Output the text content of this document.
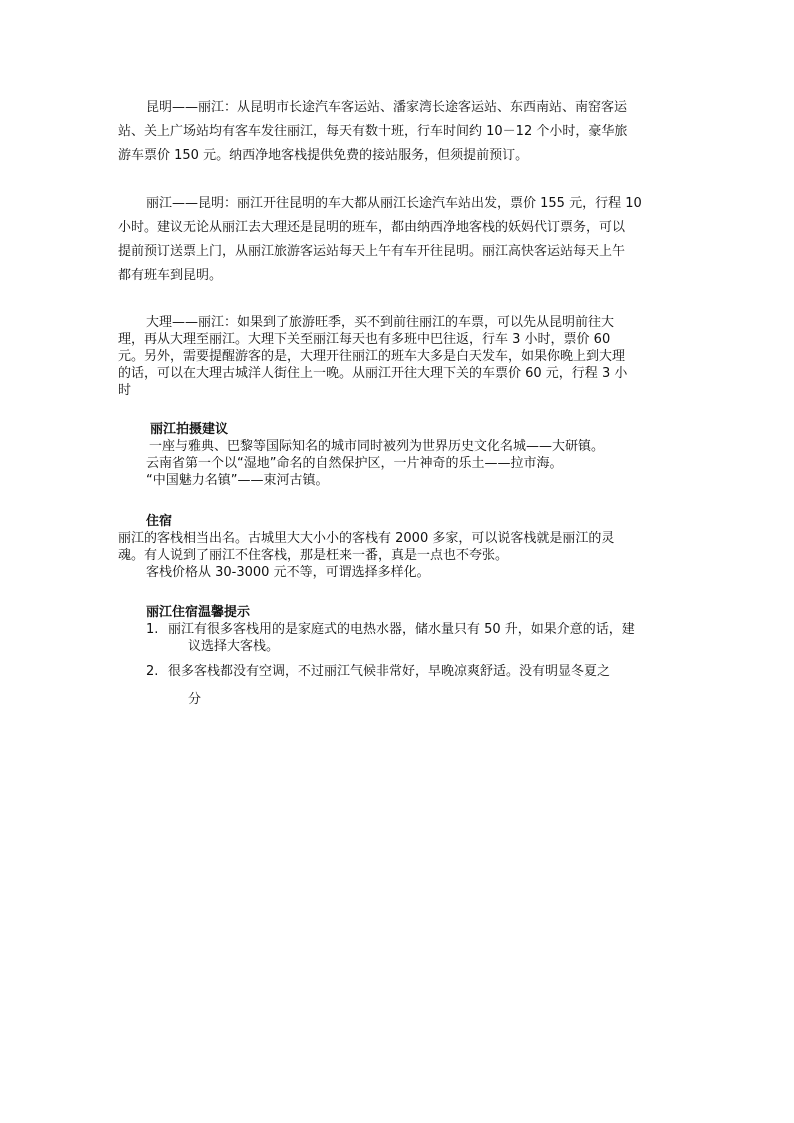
昆明——丽江：从昆明市长途汽车客运站、潘家湾长途客运站、东西南站、南窑客运
站、关上广场站均有客车发往丽江，每天有数十班，行车时间约 10－12 个小时，豪华旅
游车票价 150 元。纳西净地客栈提供免费的接站服务，但须提前预订。

丽江——昆明：丽江开往昆明的车大都从丽江长途汽车站出发，票价 155 元，行程 10
小时。建议无论从丽江去大理还是昆明的班车，都由纳西净地客栈的妖妈代订票务，可以
提前预订送票上门，从丽江旅游客运站每天上午有车开往昆明。丽江高快客运站每天上午
都有班车到昆明。

大理——丽江：如果到了旅游旺季，买不到前往丽江的车票，可以先从昆明前往大
理，再从大理至丽江。大理下关至丽江每天也有多班中巴往返，行车 3 小时，票价 60
元。另外，需要提醒游客的是，大理开往丽江的班车大多是白天发车，如果你晚上到大理
的话，可以在大理古城洋人街住上一晚。从丽江开往大理下关的车票价 60 元，行程 3 小
时

丽江拍摄建议
一座与雅典、巴黎等国际知名的城市同时被列为世界历史文化名城——大研镇。
云南省第一个以“湿地”命名的自然保护区，一片神奇的乐土——拉市海。
“中国魅力名镇”——束河古镇。
住宿

丽江的客栈相当出名。古城里大大小小的客栈有 2000 多家，可以说客栈就是丽江的灵
魂。有人说到了丽江不住客栈，那是枉来一番，真是一点也不夸张。
客栈价格从 30-3000 元不等，可谓选择多样化。

丽江住宿温馨提示
1. 丽江有很多客栈用的是家庭式的电热水器，储水量只有 50 升，如果介意的话，建
议选择大客栈。
2. 很多客栈都没有空调，不过丽江气候非常好，早晚凉爽舒适。没有明显冬夏之
分
